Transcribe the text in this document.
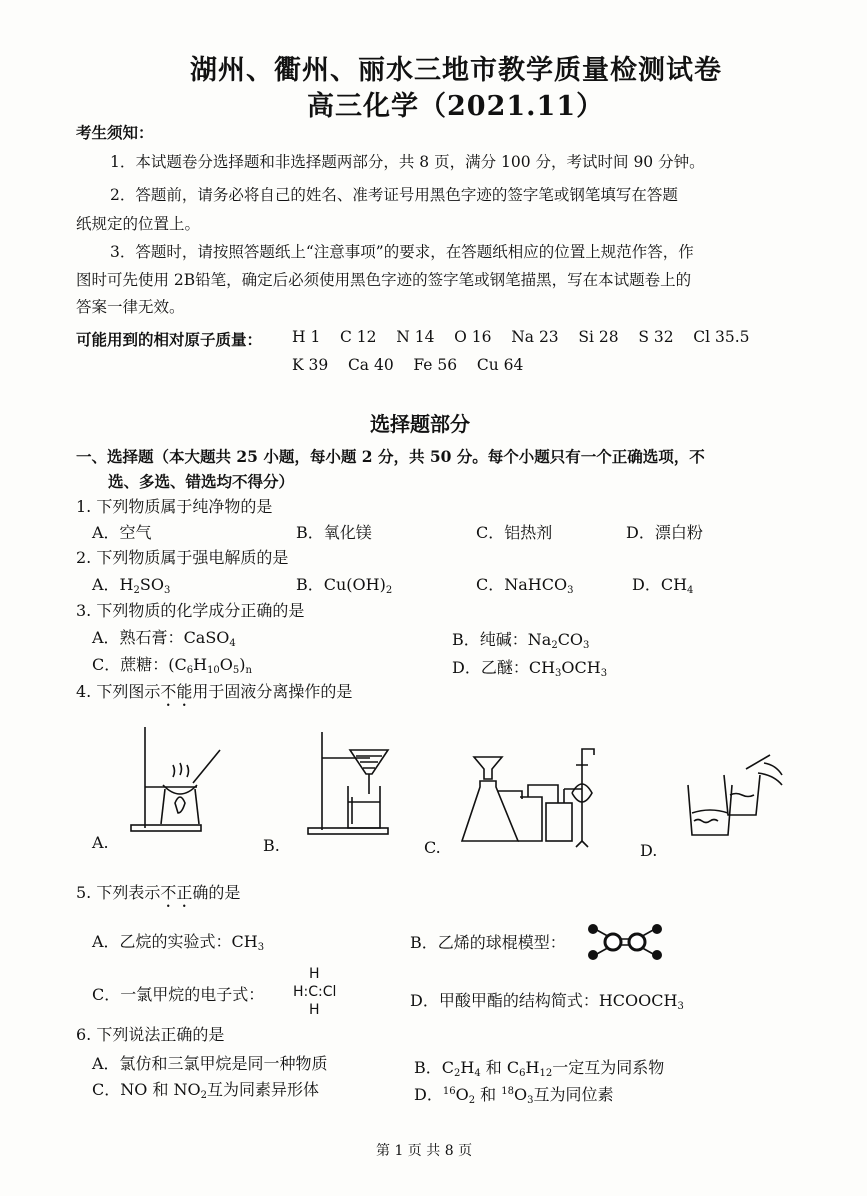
湖州、衢州、丽水三地市教学质量检测试卷
高三化学（2021.11）
考生须知：
1．本试题卷分选择题和非选择题两部分，共 8 页，满分 100 分，考试时间 90 分钟。
2．答题前，请务必将自己的姓名、准考证号用黑色字迹的签字笔或钢笔填写在答题
纸规定的位置上。
3．答题时，请按照答题纸上“注意事项”的要求，在答题纸相应的位置上规范作答，作
图时可先使用 2B铅笔，确定后必须使用黑色字迹的签字笔或钢笔描黑，写在本试题卷上的
答案一律无效。
可能用到的相对原子质量： H 1    C 12    N 14    O 16    Na 23    Si 28    S 32    Cl 35.5
K 39    Ca 40    Fe 56    Cu 64
选择题部分
一、选择题（本大题共 25 小题，每小题 2 分，共 50 分。每个小题只有一个正确选项，不
选、多选、错选均不得分）
1. 下列物质属于纯净物的是
A．空气	B．氧化镁	C．铝热剂	D．漂白粉
2. 下列物质属于强电解质的是
A．$H_2SO_3$	B．$Cu(OH)_2$	C．NaHCO$_3$	D．$CH_4$
3. 下列物质的化学成分正确的是
A．熟石膏：CaSO$_4$	B．纯碱：$Na_2CO_3$
C．蔗糖：$(C_6H_{10}O_5)_n$	D．乙醚：$CH_3OCH_3$
4. 下列图示不能用于固液分离操作的是
A.	B.	C.	D.
5. 下列表示不正确的是
A．乙烷的实验式：$CH_3$	B．乙烯的球棍模型：
C．一氯甲烷的电子式：
H
H:C:Cl
H	D．甲酸甲酯的结构简式：$HCOOCH_3$
6. 下列说法正确的是
A．氯仿和三氯甲烷是同一种物质	B．$C_2H_4$ 和 $C_6H_{12}$一定互为同系物
C．NO 和 $NO_2$互为同素异形体	D．$^{16}O_2$ 和 $^{18}O_3$互为同位素
第 1 页 共 8 页
